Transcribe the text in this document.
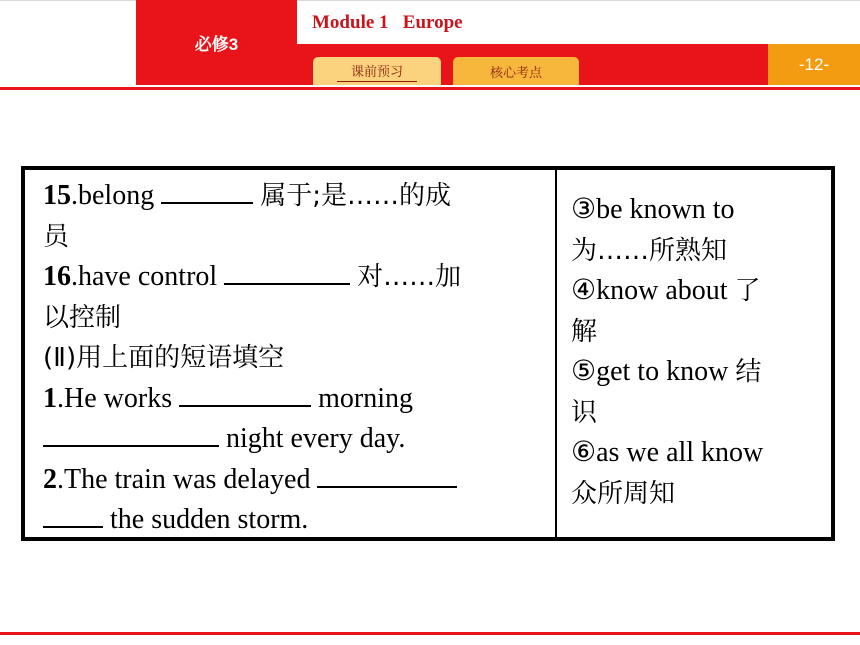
必修3
Module 1   Europe
课前预习	核心考点	-12-
15.belong	属于;是……的成
员
16.have control	对……加
以控制
(Ⅱ)用上面的短语填空
1.He works	morning
night every day.
2.The train was delayed
the sudden storm.
③be known to
为……所熟知
④know about 了
解
⑤get to know 结
识
⑥as we all know
众所周知
